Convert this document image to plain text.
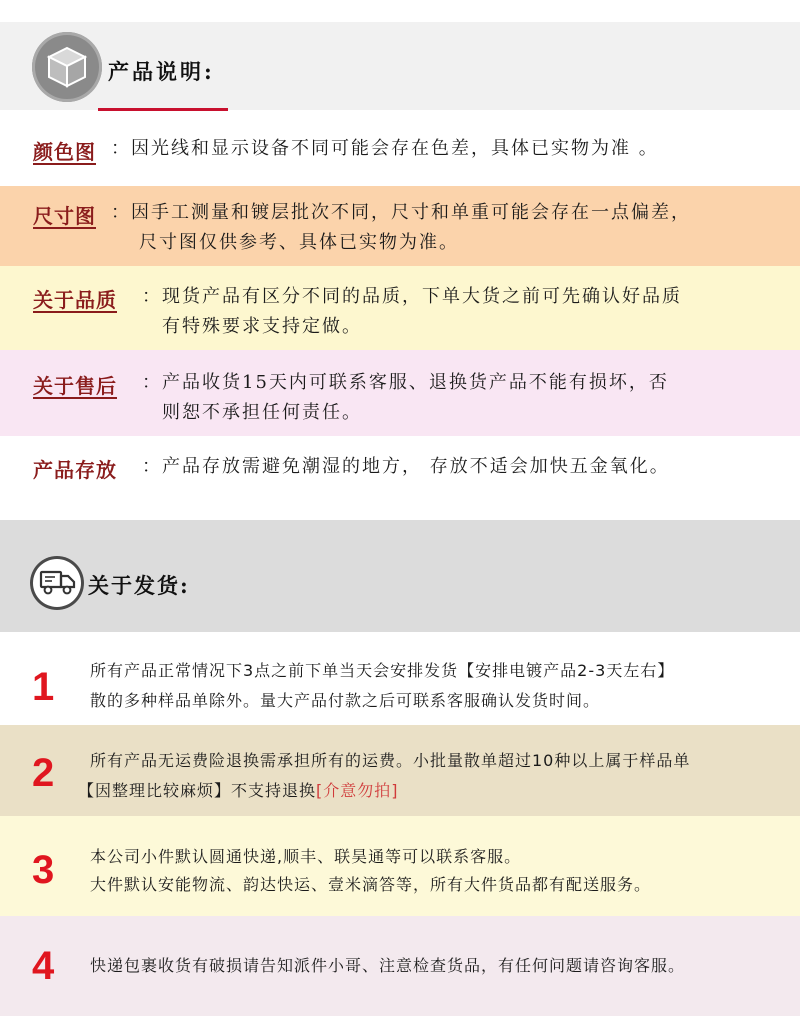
产品说明:
颜色图 ：因光线和显示设备不同可能会存在色差，具体已实物为准 。
尺寸图 ：因手工测量和镀层批次不同，尺寸和单重可能会存在一点偏差，
尺寸图仅供参考、具体已实物为准。
关于品质 ：现货产品有区分不同的品质，下单大货之前可先确认好品质
有特殊要求支持定做。
关于售后 ：产品收货15天内可联系客服、退换货产品不能有损坏，否
则恕不承担任何责任。
产品存放 ：产品存放需避免潮湿的地方， 存放不适会加快五金氧化。
关于发货:
1 所有产品正常情况下3点之前下单当天会安排发货【安排电镀产品2-3天左右】
散的多种样品单除外。量大产品付款之后可联系客服确认发货时间。
2 所有产品无运费险退换需承担所有的运费。小批量散单超过10种以上属于样品单
【因整理比较麻烦】不支持退换[介意勿拍]
3 本公司小件默认圆通快递,顺丰、联昊通等可以联系客服。
大件默认安能物流、韵达快运、壹米滴答等，所有大件货品都有配送服务。
4 快递包裹收货有破损请告知派件小哥、注意检查货品，有任何问题请咨询客服。
